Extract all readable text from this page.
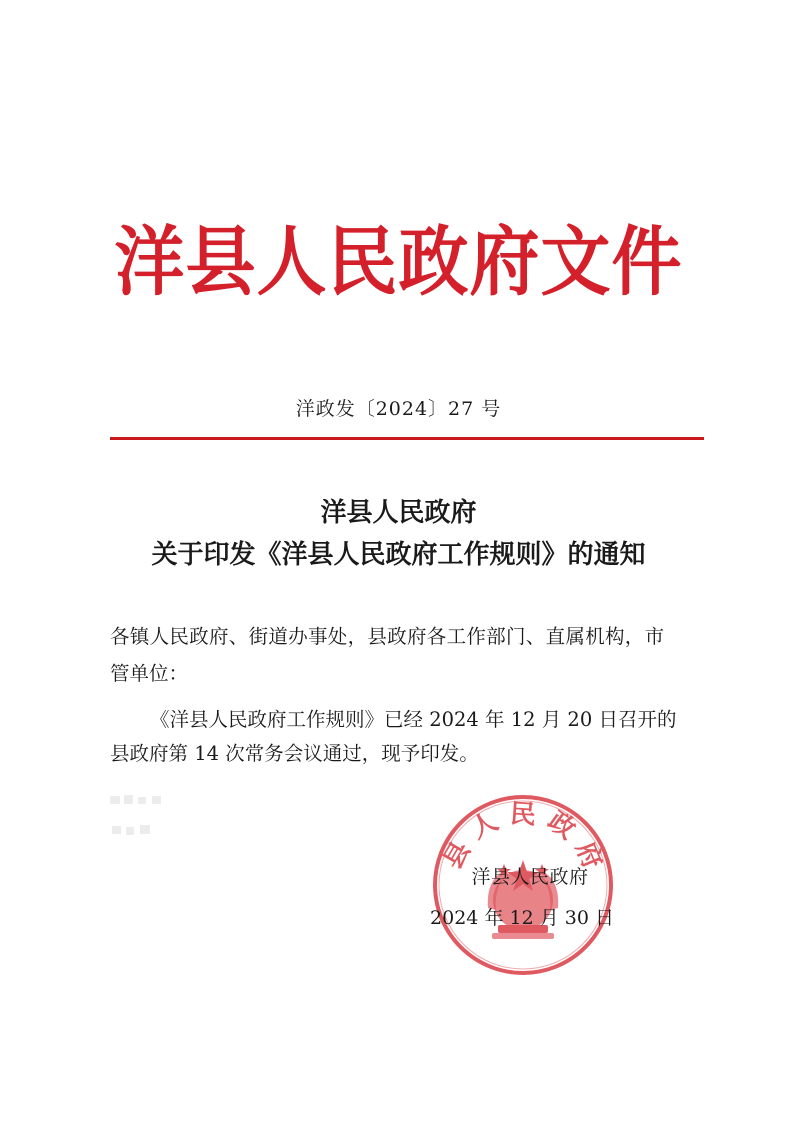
洋县人民政府文件
洋政发〔2024〕27 号
洋县人民政府
关于印发《洋县人民政府工作规则》的通知
各镇人民政府、街道办事处，县政府各工作部门、直属机构，市
管单位：
《洋县人民政府工作规则》已经 2024 年 12 月 20 日召开的
县政府第 14 次常务会议通过，现予印发。
县人民政府
洋县人民政府
2024 年 12 月 30 日
